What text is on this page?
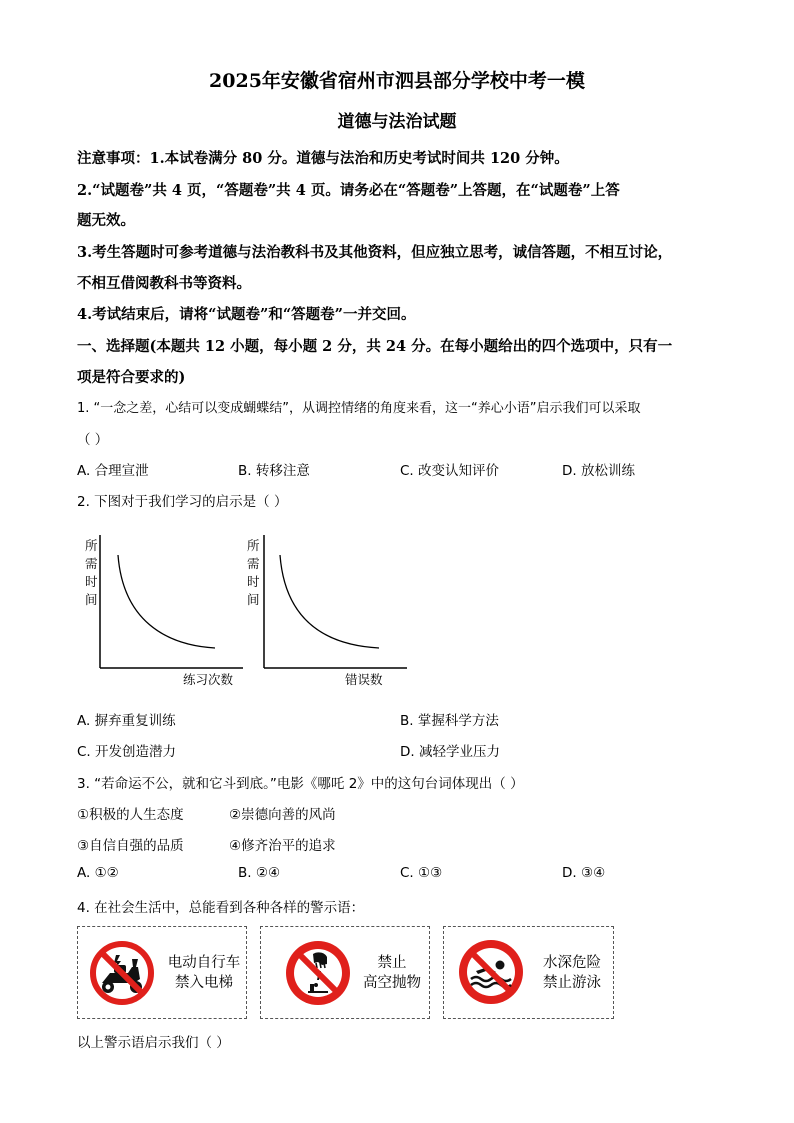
2025年安徽省宿州市泗县部分学校中考一模
道德与法治试题
注意事项：1.本试卷满分 80 分。道德与法治和历史考试时间共 120 分钟。
2.“试题卷”共 4 页，“答题卷”共 4 页。请务必在“答题卷”上答题，在“试题卷”上答
题无效。
3.考生答题时可参考道德与法治教科书及其他资料，但应独立思考，诚信答题，不相互讨论，
不相互借阅教科书等资料。
4.考试结束后，请将“试题卷”和“答题卷”一并交回。
一、选择题(本题共 12 小题，每小题 2 分，共 24 分。在每小题给出的四个选项中，只有一
项是符合要求的)
1. “一念之差，心结可以变成蝴蝶结”，从调控情绪的角度来看，这一“养心小语”启示我们可以采取
（ ）
A. 合理宣泄	B. 转移注意	C. 改变认知评价	D. 放松训练
2. 下图对于我们学习的启示是（ ）
所
需
时
间
练习次数
所
需
时
间
错误数
A. 摒弃重复训练	B. 掌握科学方法
C. 开发创造潜力	D. 减轻学业压力
3. “若命运不公，就和它斗到底。”电影《哪吒 2》中的这句台词体现出（ ）
①积极的人生态度	②崇德向善的风尚
③自信自强的品质	④修齐治平的追求
A. ①②	B. ②④	C. ①③	D. ③④
4. 在社会生活中，总能看到各种各样的警示语：
电动自行车
禁入电梯
禁止
高空抛物
水深危险
禁止游泳
以上警示语启示我们（ ）
